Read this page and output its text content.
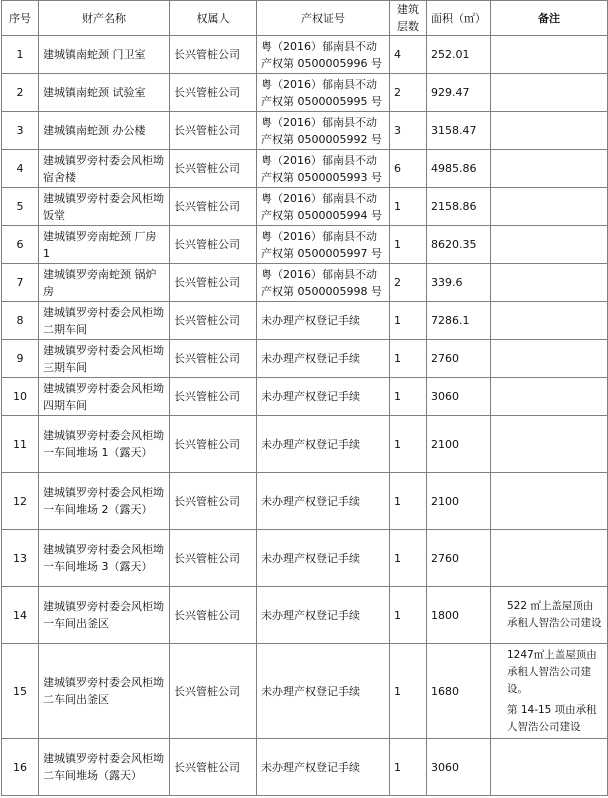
序号	财产名称	权属人	产权证号	建筑层数	面积（㎡）	备注
1	建城镇南蛇颈 门卫室	长兴管桩公司	粤（2016）郁南县不动产权第 0500005996 号	4	252.01	
2	建城镇南蛇颈 试验室	长兴管桩公司	粤（2016）郁南县不动产权第 0500005995 号	2	929.47	
3	建城镇南蛇颈 办公楼	长兴管桩公司	粤（2016）郁南县不动产权第 0500005992 号	3	3158.47	
4	建城镇罗旁村委会风柜坳 宿舍楼	长兴管桩公司	粤（2016）郁南县不动产权第 0500005993 号	6	4985.86	
5	建城镇罗旁村委会风柜坳 饭堂	长兴管桩公司	粤（2016）郁南县不动产权第 0500005994 号	1	2158.86	
6	建城镇罗旁南蛇颈 厂房 1	长兴管桩公司	粤（2016）郁南县不动产权第 0500005997 号	1	8620.35	
7	建城镇罗旁南蛇颈 锅炉房	长兴管桩公司	粤（2016）郁南县不动产权第 0500005998 号	2	339.6	
8	建城镇罗旁村委会风柜坳二期车间	长兴管桩公司	未办理产权登记手续	1	7286.1	
9	建城镇罗旁村委会风柜坳三期车间	长兴管桩公司	未办理产权登记手续	1	2760	
10	建城镇罗旁村委会风柜坳四期车间	长兴管桩公司	未办理产权登记手续	1	3060	
11	建城镇罗旁村委会风柜坳一车间堆场 1（露天）	长兴管桩公司	未办理产权登记手续	1	2100	
12	建城镇罗旁村委会风柜坳一车间堆场 2（露天）	长兴管桩公司	未办理产权登记手续	1	2100	
13	建城镇罗旁村委会风柜坳一车间堆场 3（露天）	长兴管桩公司	未办理产权登记手续	1	2760	
14	建城镇罗旁村委会风柜坳一车间出釜区	长兴管桩公司	未办理产权登记手续	1	1800	522 ㎡上盖屋顶由承租人智浩公司建设

15	建城镇罗旁村委会风柜坳二车间出釜区	长兴管桩公司	未办理产权登记手续	1	1680	1247㎡上盖屋顶由承租人智浩公司建设。
第 14-15 项由承租人智浩公司建设

16	建城镇罗旁村委会风柜坳二车间堆场（露天）	长兴管桩公司	未办理产权登记手续	1	3060	
